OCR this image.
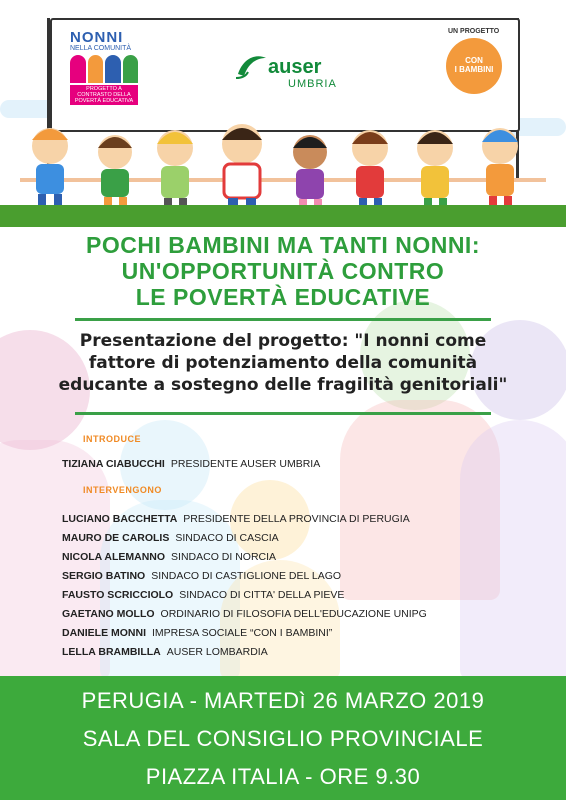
NONNI
NELLA COMUNITÀ
PROGETTO A CONTRASTO DELLA POVERTÀ EDUCATIVA
auser
UMBRIA
UN PROGETTO
CON
I BAMBINI
POCHI BAMBINI MA TANTI NONNI:
UN'OPPORTUNITÀ CONTRO
LE POVERTÀ EDUCATIVE
Presentazione del progetto: "I nonni come
fattore di potenziamento della comunità
educante a sostegno delle fragilità genitoriali"
INTRODUCE
TIZIANA CIABUCCHI PRESIDENTE AUSER UMBRIA
INTERVENGONO
LUCIANO BACCHETTA PRESIDENTE DELLA PROVINCIA DI PERUGIA
MAURO DE CAROLIS SINDACO DI CASCIA
NICOLA ALEMANNO SINDACO DI NORCIA
SERGIO BATINO SINDACO DI CASTIGLIONE DEL LAGO
FAUSTO SCRICCIOLO SINDACO DI CITTA' DELLA PIEVE
GAETANO MOLLO ORDINARIO DI FILOSOFIA DELL'EDUCAZIONE UNIPG
DANIELE MONNI IMPRESA SOCIALE “CON I BAMBINI”
LELLA BRAMBILLA AUSER LOMBARDIA
PERUGIA - MARTEDì 26 MARZO 2019
SALA DEL CONSIGLIO PROVINCIALE
PIAZZA ITALIA - ORE 9.30
